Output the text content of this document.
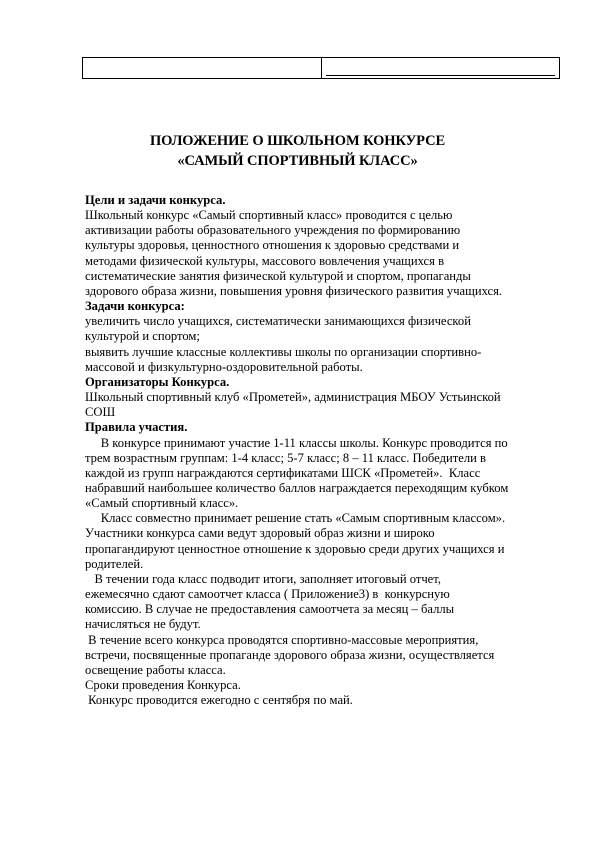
ПОЛОЖЕНИЕ О ШКОЛЬНОМ КОНКУРСЕ
«САМЫЙ СПОРТИВНЫЙ КЛАСС»

Цели и задачи конкурса.

Школьный конкурс «Самый спортивный класс» проводится с целью

активизации работы образовательного учреждения по формированию

культуры здоровья, ценностного отношения к здоровью средствами и

методами физической культуры, массового вовлечения учащихся в

систематические занятия физической культурой и спортом, пропаганды

здорового образа жизни, повышения уровня физического развития учащихся.

Задачи конкурса:

увеличить число учащихся, систематически занимающихся физической

культурой и спортом;

выявить лучшие классные коллективы школы по организации спортивно-

массовой и физкультурно-оздоровительной работы.

Организаторы Конкурса.

Школьный спортивный клуб «Прометей», администрация МБОУ Устьинской

СОШ

Правила участия.

В конкурсе принимают участие 1-11 классы школы. Конкурс проводится по

трем возрастным группам: 1-4 класс; 5-7 класс; 8 – 11 класс. Победители в

каждой из групп награждаются сертификатами ШСК «Прометей».  Класс

набравший наибольшее количество баллов награждается переходящим кубком

«Самый спортивный класс».

Класс совместно принимает решение стать «Самым спортивным классом».

Участники конкурса сами ведут здоровый образ жизни и широко

пропагандируют ценностное отношение к здоровью среди других учащихся и

родителей.

В течении года класс подводит итоги, заполняет итоговый отчет,

ежемесячно сдают самоотчет класса ( Приложение3) в  конкурсную

комиссию. В случае не предоставления самоотчета за месяц – баллы

начисляться не будут.

В течение всего конкурса проводятся спортивно-массовые мероприятия,

встречи, посвященные пропаганде здорового образа жизни, осуществляется

освещение работы класса.

Сроки проведения Конкурса.

Конкурс проводится ежегодно с сентября по май.
